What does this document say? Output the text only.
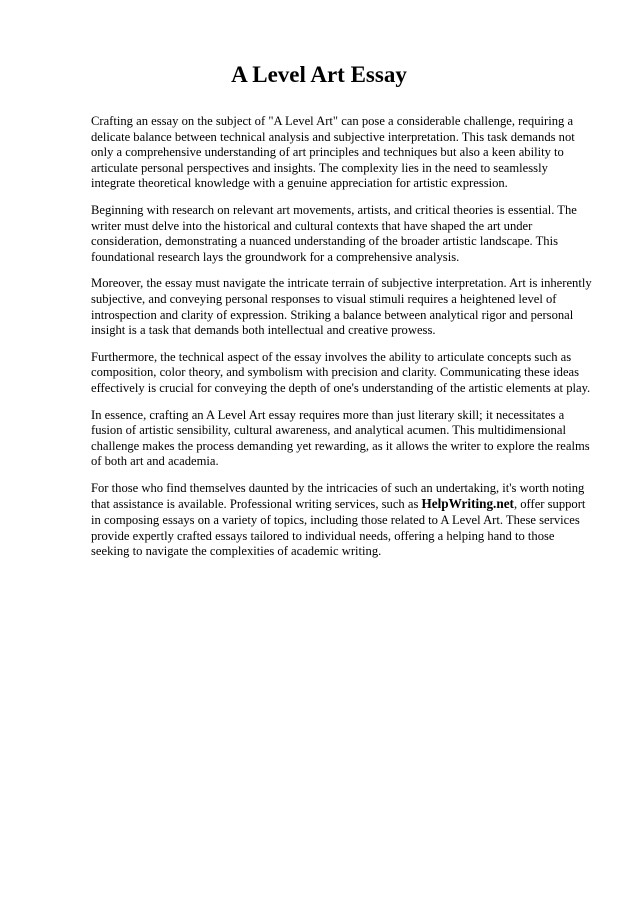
A Level Art Essay

Crafting an essay on the subject of "A Level Art" can pose a considerable challenge, requiring a delicate balance between technical analysis and subjective interpretation. This task demands not only a comprehensive understanding of art principles and techniques but also a keen ability to articulate personal perspectives and insights. The complexity lies in the need to seamlessly integrate theoretical knowledge with a genuine appreciation for artistic expression.

Beginning with research on relevant art movements, artists, and critical theories is essential. The writer must delve into the historical and cultural contexts that have shaped the art under consideration, demonstrating a nuanced understanding of the broader artistic landscape. This foundational research lays the groundwork for a comprehensive analysis.

Moreover, the essay must navigate the intricate terrain of subjective interpretation. Art is inherently subjective, and conveying personal responses to visual stimuli requires a heightened level of introspection and clarity of expression. Striking a balance between analytical rigor and personal insight is a task that demands both intellectual and creative prowess.

Furthermore, the technical aspect of the essay involves the ability to articulate concepts such as composition, color theory, and symbolism with precision and clarity. Communicating these ideas effectively is crucial for conveying the depth of one's understanding of the artistic elements at play.

In essence, crafting an A Level Art essay requires more than just literary skill; it necessitates a fusion of artistic sensibility, cultural awareness, and analytical acumen. This multidimensional challenge makes the process demanding yet rewarding, as it allows the writer to explore the realms of both art and academia.

For those who find themselves daunted by the intricacies of such an undertaking, it's worth noting that assistance is available. Professional writing services, such as HelpWriting.net, offer support in composing essays on a variety of topics, including those related to A Level Art. These services provide expertly crafted essays tailored to individual needs, offering a helping hand to those seeking to navigate the complexities of academic writing.
